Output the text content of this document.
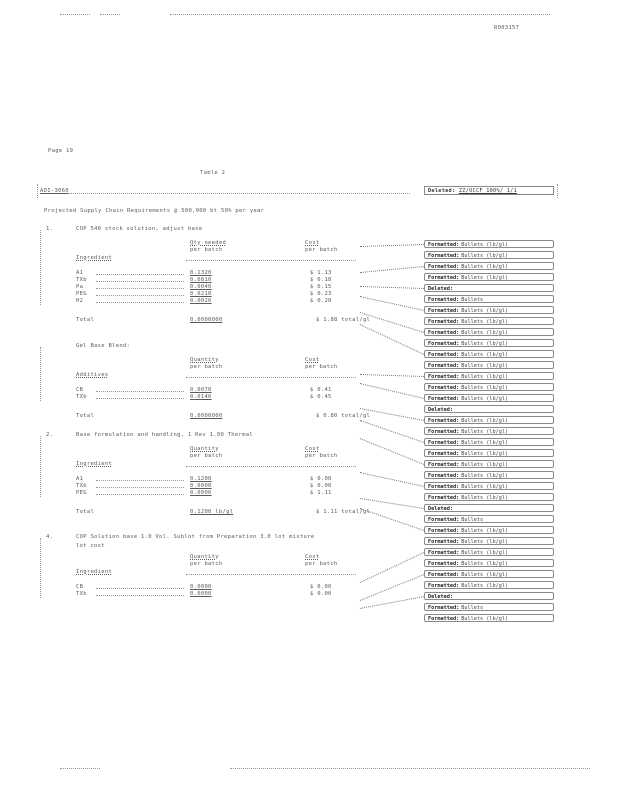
R003157
Page 19
Table 2
ADI-3060	Deleted: ZZ/OCCF 100%/ 1/1
Projected Supply Chain Requirements @ 500,000 bt 50% per year
1.	COP 540 stock solution, adjust base
Qty needed	Cost
per batch	per batch
Ingredient
A1	0.1320	$ 1.13
TXb	0.0810	$ 0.18
Pa	0.0040	$ 0.15
PEG	0.0210	$ 0.23
H2	0.0020	$ 0.20
Total	0.0000000	$ 1.88 total/gl
Gel Base Blend:
Quantity	Cost
per batch	per batch
Additives
CB	0.0070	$ 0.41
TXb	0.0140	$ 0.45
Total	0.0000000	$ 0.80 total/gl
2.	Base formulation and handling, 1 Rev 1.00 Thermal
Quantity	Cost
per batch	per batch
Ingredient
A1	0.1200	$ 0.00
TXb	0.0000	$ 0.00
PEG	0.0000	$ 1.11
Total	0.1200 lb/gl	$ 1.11 total/gl
4.	COP Solution base 1.0 Vol. Sublot from Preparation 3.0 lot mixture
lot cost
Quantity	Cost
per batch	per batch
Ingredient
CB	0.0000	$ 0.00
TXb	0.0000	$ 0.00
Formatted: Bullets (lb/gl)
Formatted: Bullets (lb/gl)
Formatted: Bullets (lb/gl)
Formatted: Bullets (lb/gl)
Deleted:
Formatted: Bullets
Formatted: Bullets (lb/gl)
Formatted: Bullets (lb/gl)
Formatted: Bullets (lb/gl)
Formatted: Bullets (lb/gl)
Formatted: Bullets (lb/gl)
Formatted: Bullets (lb/gl)
Formatted: Bullets (lb/gl)
Formatted: Bullets (lb/gl)
Formatted: Bullets (lb/gl)
Deleted:
Formatted: Bullets (lb/gl)
Formatted: Bullets (lb/gl)
Formatted: Bullets (lb/gl)
Formatted: Bullets (lb/gl)
Formatted: Bullets (lb/gl)
Formatted: Bullets (lb/gl)
Formatted: Bullets (lb/gl)
Formatted: Bullets (lb/gl)
Deleted:
Formatted: Bullets
Formatted: Bullets (lb/gl)
Formatted: Bullets (lb/gl)
Formatted: Bullets (lb/gl)
Formatted: Bullets (lb/gl)
Formatted: Bullets (lb/gl)
Formatted: Bullets (lb/gl)
Deleted:
Formatted: Bullets
Formatted: Bullets (lb/gl)
